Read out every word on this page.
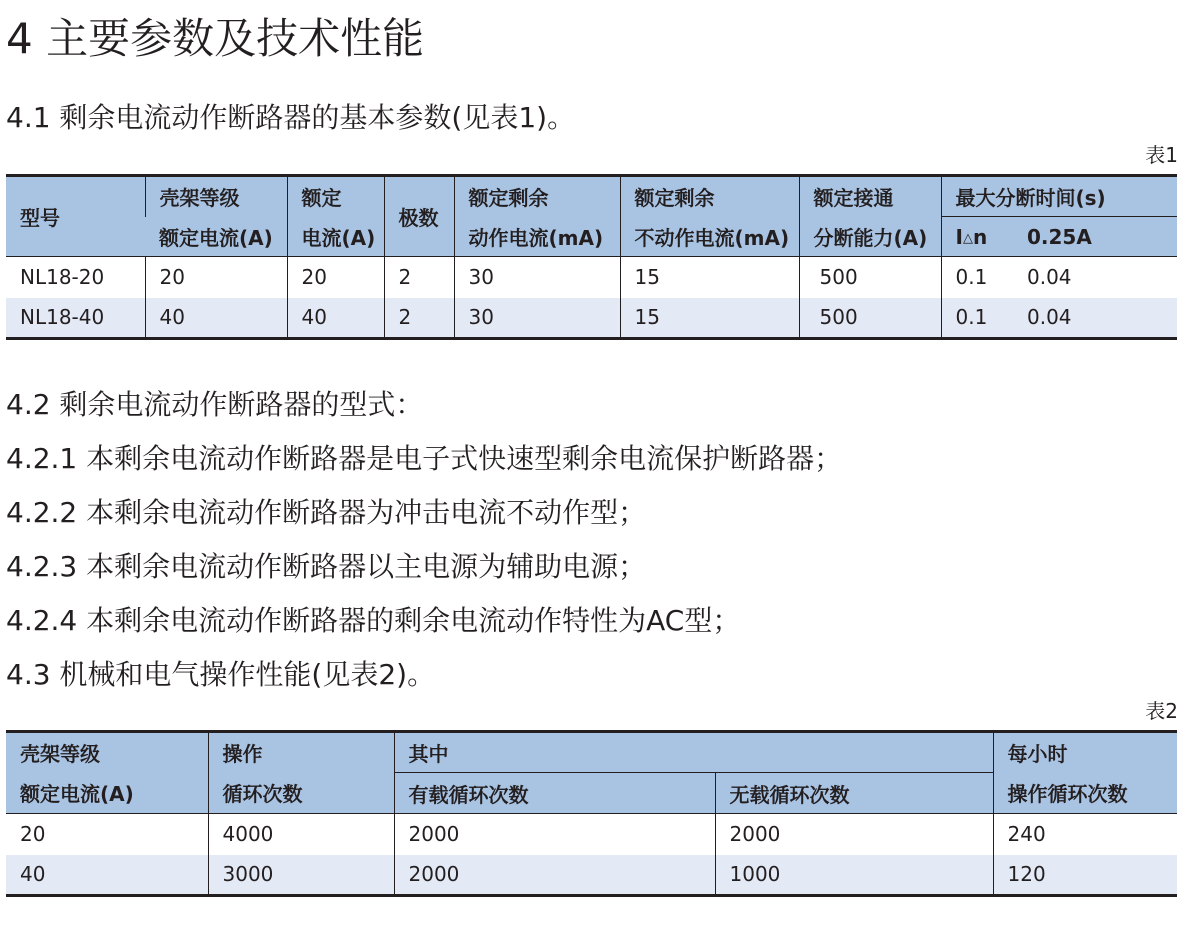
4 主要参数及技术性能
4.1 剩余电流动作断路器的基本参数(见表1)。
表1
型号	壳架等级	额定	极数	额定剩余	额定剩余	额定接通	最大分断时间(s)	
	额定电流(A)	电流(A)		动作电流(mA)	不动作电流(mA)	分断能力(A)	I△n	0.25A
NL18-20	20	20	2	30	15	500	0.1	0.04
NL18-40	40	40	2	30	15	500	0.1	0.04
4.2 剩余电流动作断路器的型式：
4.2.1 本剩余电流动作断路器是电子式快速型剩余电流保护断路器；
4.2.2 本剩余电流动作断路器为冲击电流不动作型；
4.2.3 本剩余电流动作断路器以主电源为辅助电源；
4.2.4 本剩余电流动作断路器的剩余电流动作特性为AC型；
4.3 机械和电气操作性能(见表2)。
表2
壳架等级	操作	其中		每小时
额定电流(A)	循环次数	有载循环次数	无载循环次数	操作循环次数
20	4000	2000	2000	240
40	3000	2000	1000	120
